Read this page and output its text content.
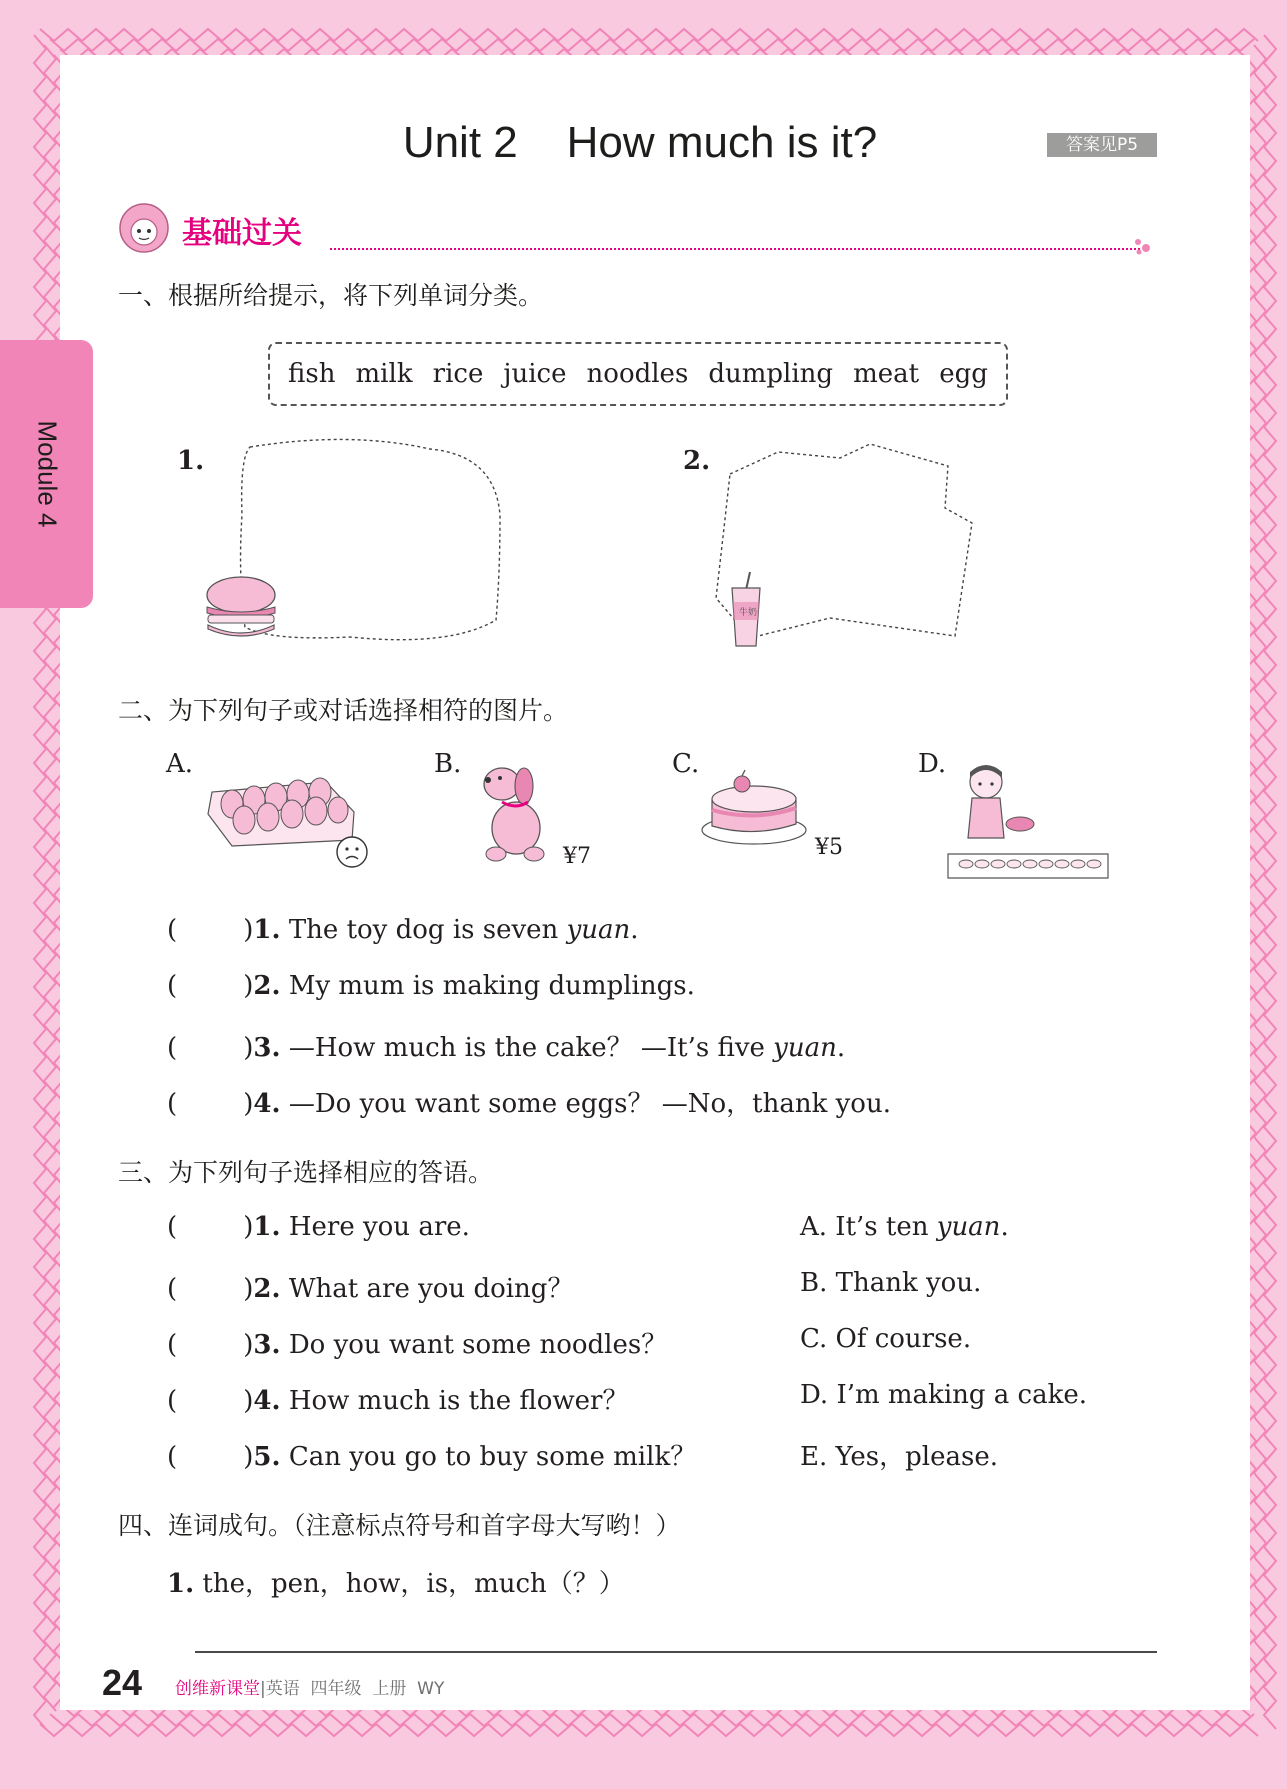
Unit 2    How much is it?	答案见P5
Module 4
基础过关
一、根据所给提示，将下列单词分类。
fish milk rice juice noodles dumpling meat egg
1.	2.
牛奶
二、为下列句子或对话选择相符的图片。
A.	B.	C.	D.
¥7	¥5
(        )1. The toy dog is seven yuan.
(        )2. My mum is making dumplings.
(        )3. —How much is the cake？ —It’s five yuan.
(        )4. —Do you want some eggs？ —No，thank you.
三、为下列句子选择相应的答语。
(        )1. Here you are.
(        )2. What are you doing？
(        )3. Do you want some noodles？
(        )4. How much is the flower？
(        )5. Can you go to buy some milk？
A. It’s ten yuan.
B. Thank you.
C. Of course.
D. I’m making a cake.
E. Yes，please.
四、连词成句。（注意标点符号和首字母大写哟！）
1. the，pen，how，is，much（？）
24 创维新课堂|英语  四年级  上册  WY
